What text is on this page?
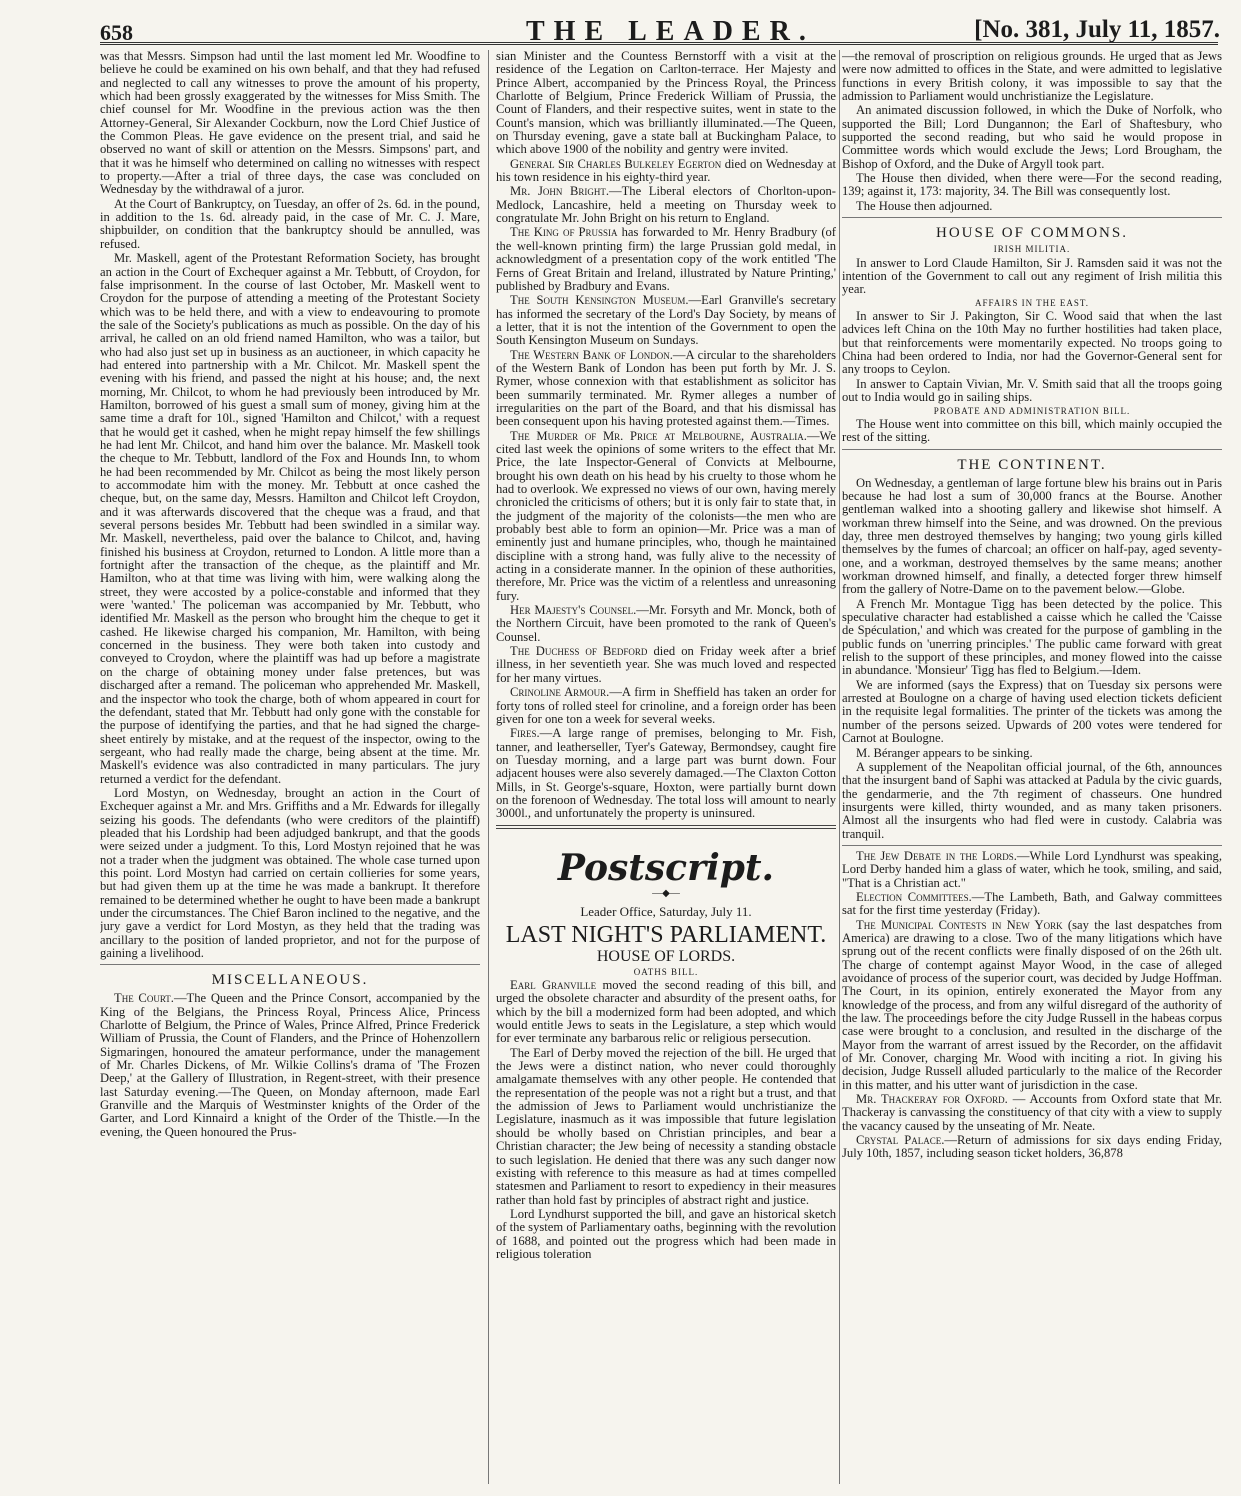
658	THE LEADER.	[No. 381, July 11, 1857.

was that Messrs. Simpson had until the last moment led Mr. Woodfine to believe he could be examined on his own behalf, and that they had refused and neglected to call any witnesses to prove the amount of his property, which had been grossly exaggerated by the witnesses for Miss Smith. The chief counsel for Mr. Woodfine in the previous action was the then Attorney-General, Sir Alexander Cockburn, now the Lord Chief Justice of the Common Pleas. He gave evidence on the present trial, and said he observed no want of skill or attention on the Messrs. Simpsons' part, and that it was he himself who determined on calling no witnesses with respect to property.—After a trial of three days, the case was concluded on Wednesday by the withdrawal of a juror.

At the Court of Bankruptcy, on Tuesday, an offer of 2s. 6d. in the pound, in addition to the 1s. 6d. already paid, in the case of Mr. C. J. Mare, shipbuilder, on condition that the bankruptcy should be annulled, was refused.

Mr. Maskell, agent of the Protestant Reformation Society, has brought an action in the Court of Exchequer against a Mr. Tebbutt, of Croydon, for false imprisonment. In the course of last October, Mr. Maskell went to Croydon for the purpose of attending a meeting of the Protestant Society which was to be held there, and with a view to endeavouring to promote the sale of the Society's publications as much as possible. On the day of his arrival, he called on an old friend named Hamilton, who was a tailor, but who had also just set up in business as an auctioneer, in which capacity he had entered into partnership with a Mr. Chilcot. Mr. Maskell spent the evening with his friend, and passed the night at his house; and, the next morning, Mr. Chilcot, to whom he had previously been introduced by Mr. Hamilton, borrowed of his guest a small sum of money, giving him at the same time a draft for 10l., signed 'Hamilton and Chilcot,' with a request that he would get it cashed, when he might repay himself the few shillings he had lent Mr. Chilcot, and hand him over the balance. Mr. Maskell took the cheque to Mr. Tebbutt, landlord of the Fox and Hounds Inn, to whom he had been recommended by Mr. Chilcot as being the most likely person to accommodate him with the money. Mr. Tebbutt at once cashed the cheque, but, on the same day, Messrs. Hamilton and Chilcot left Croydon, and it was afterwards discovered that the cheque was a fraud, and that several persons besides Mr. Tebbutt had been swindled in a similar way. Mr. Maskell, nevertheless, paid over the balance to Chilcot, and, having finished his business at Croydon, returned to London. A little more than a fortnight after the transaction of the cheque, as the plaintiff and Mr. Hamilton, who at that time was living with him, were walking along the street, they were accosted by a police-constable and informed that they were 'wanted.' The policeman was accompanied by Mr. Tebbutt, who identified Mr. Maskell as the person who brought him the cheque to get it cashed. He likewise charged his companion, Mr. Hamilton, with being concerned in the business. They were both taken into custody and conveyed to Croydon, where the plaintiff was had up before a magistrate on the charge of obtaining money under false pretences, but was discharged after a remand. The policeman who apprehended Mr. Maskell, and the inspector who took the charge, both of whom appeared in court for the defendant, stated that Mr. Tebbutt had only gone with the constable for the purpose of identifying the parties, and that he had signed the charge-sheet entirely by mistake, and at the request of the inspector, owing to the sergeant, who had really made the charge, being absent at the time. Mr. Maskell's evidence was also contradicted in many particulars. The jury returned a verdict for the defendant.

Lord Mostyn, on Wednesday, brought an action in the Court of Exchequer against a Mr. and Mrs. Griffiths and a Mr. Edwards for illegally seizing his goods. The defendants (who were creditors of the plaintiff) pleaded that his Lordship had been adjudged bankrupt, and that the goods were seized under a judgment. To this, Lord Mostyn rejoined that he was not a trader when the judgment was obtained. The whole case turned upon this point. Lord Mostyn had carried on certain collieries for some years, but had given them up at the time he was made a bankrupt. It therefore remained to be determined whether he ought to have been made a bankrupt under the circumstances. The Chief Baron inclined to the negative, and the jury gave a verdict for Lord Mostyn, as they held that the trading was ancillary to the position of landed proprietor, and not for the purpose of gaining a livelihood.

MISCELLANEOUS.

The Court.—The Queen and the Prince Consort, accompanied by the King of the Belgians, the Princess Royal, Princess Alice, Princess Charlotte of Belgium, the Prince of Wales, Prince Alfred, Prince Frederick William of Prussia, the Count of Flanders, and the Prince of Hohenzollern Sigmaringen, honoured the amateur performance, under the management of Mr. Charles Dickens, of Mr. Wilkie Collins's drama of 'The Frozen Deep,' at the Gallery of Illustration, in Regent-street, with their presence last Saturday evening.—The Queen, on Monday afternoon, made Earl Granville and the Marquis of Westminster knights of the Order of the Garter, and Lord Kinnaird a knight of the Order of the Thistle.—In the evening, the Queen honoured the Prus-

sian Minister and the Countess Bernstorff with a visit at the residence of the Legation on Carlton-terrace. Her Majesty and Prince Albert, accompanied by the Princess Royal, the Princess Charlotte of Belgium, Prince Frederick William of Prussia, the Count of Flanders, and their respective suites, went in state to the Count's mansion, which was brilliantly illuminated.—The Queen, on Thursday evening, gave a state ball at Buckingham Palace, to which above 1900 of the nobility and gentry were invited.

General Sir Charles Bulkeley Egerton died on Wednesday at his town residence in his eighty-third year.

Mr. John Bright.—The Liberal electors of Chorlton-upon-Medlock, Lancashire, held a meeting on Thursday week to congratulate Mr. John Bright on his return to England.

The King of Prussia has forwarded to Mr. Henry Bradbury (of the well-known printing firm) the large Prussian gold medal, in acknowledgment of a presentation copy of the work entitled 'The Ferns of Great Britain and Ireland, illustrated by Nature Printing,' published by Bradbury and Evans.

The South Kensington Museum.—Earl Granville's secretary has informed the secretary of the Lord's Day Society, by means of a letter, that it is not the intention of the Government to open the South Kensington Museum on Sundays.

The Western Bank of London.—A circular to the shareholders of the Western Bank of London has been put forth by Mr. J. S. Rymer, whose connexion with that establishment as solicitor has been summarily terminated. Mr. Rymer alleges a number of irregularities on the part of the Board, and that his dismissal has been consequent upon his having protested against them.—Times.

The Murder of Mr. Price at Melbourne, Australia.—We cited last week the opinions of some writers to the effect that Mr. Price, the late Inspector-General of Convicts at Melbourne, brought his own death on his head by his cruelty to those whom he had to overlook. We expressed no views of our own, having merely chronicled the criticisms of others; but it is only fair to state that, in the judgment of the majority of the colonists—the men who are probably best able to form an opinion—Mr. Price was a man of eminently just and humane principles, who, though he maintained discipline with a strong hand, was fully alive to the necessity of acting in a considerate manner. In the opinion of these authorities, therefore, Mr. Price was the victim of a relentless and unreasoning fury.

Her Majesty's Counsel.—Mr. Forsyth and Mr. Monck, both of the Northern Circuit, have been promoted to the rank of Queen's Counsel.

The Duchess of Bedford died on Friday week after a brief illness, in her seventieth year. She was much loved and respected for her many virtues.

Crinoline Armour.—A firm in Sheffield has taken an order for forty tons of rolled steel for crinoline, and a foreign order has been given for one ton a week for several weeks.

Fires.—A large range of premises, belonging to Mr. Fish, tanner, and leatherseller, Tyer's Gateway, Bermondsey, caught fire on Tuesday morning, and a large part was burnt down. Four adjacent houses were also severely damaged.—The Claxton Cotton Mills, in St. George's-square, Hoxton, were partially burnt down on the forenoon of Wednesday. The total loss will amount to nearly 3000l., and unfortunately the property is uninsured.

Postscript.
—◆—
Leader Office, Saturday, July 11.
LAST NIGHT'S PARLIAMENT.
HOUSE OF LORDS.
OATHS BILL.

Earl Granville moved the second reading of this bill, and urged the obsolete character and absurdity of the present oaths, for which by the bill a modernized form had been adopted, and which would entitle Jews to seats in the Legislature, a step which would for ever terminate any barbarous relic or religious persecution.

The Earl of Derby moved the rejection of the bill. He urged that the Jews were a distinct nation, who never could thoroughly amalgamate themselves with any other people. He contended that the representation of the people was not a right but a trust, and that the admission of Jews to Parliament would unchristianize the Legislature, inasmuch as it was impossible that future legislation should be wholly based on Christian principles, and bear a Christian character; the Jew being of necessity a standing obstacle to such legislation. He denied that there was any such danger now existing with reference to this measure as had at times compelled statesmen and Parliament to resort to expediency in their measures rather than hold fast by principles of abstract right and justice.

Lord Lyndhurst supported the bill, and gave an historical sketch of the system of Parliamentary oaths, beginning with the revolution of 1688, and pointed out the progress which had been made in religious toleration

—the removal of proscription on religious grounds. He urged that as Jews were now admitted to offices in the State, and were admitted to legislative functions in every British colony, it was impossible to say that the admission to Parliament would unchristianize the Legislature.

An animated discussion followed, in which the Duke of Norfolk, who supported the Bill; Lord Dungannon; the Earl of Shaftesbury, who supported the second reading, but who said he would propose in Committee words which would exclude the Jews; Lord Brougham, the Bishop of Oxford, and the Duke of Argyll took part.

The House then divided, when there were—For the second reading, 139; against it, 173: majority, 34. The Bill was consequently lost.

The House then adjourned.

HOUSE OF COMMONS.
IRISH MILITIA.

In answer to Lord Claude Hamilton, Sir J. Ramsden said it was not the intention of the Government to call out any regiment of Irish militia this year.

AFFAIRS IN THE EAST.

In answer to Sir J. Pakington, Sir C. Wood said that when the last advices left China on the 10th May no further hostilities had taken place, but that reinforcements were momentarily expected. No troops going to China had been ordered to India, nor had the Governor-General sent for any troops to Ceylon.

In answer to Captain Vivian, Mr. V. Smith said that all the troops going out to India would go in sailing ships.

PROBATE AND ADMINISTRATION BILL.

The House went into committee on this bill, which mainly occupied the rest of the sitting.

THE CONTINENT.

On Wednesday, a gentleman of large fortune blew his brains out in Paris because he had lost a sum of 30,000 francs at the Bourse. Another gentleman walked into a shooting gallery and likewise shot himself. A workman threw himself into the Seine, and was drowned. On the previous day, three men destroyed themselves by hanging; two young girls killed themselves by the fumes of charcoal; an officer on half-pay, aged seventy-one, and a workman, destroyed themselves by the same means; another workman drowned himself, and finally, a detected forger threw himself from the gallery of Notre-Dame on to the pavement below.—Globe.

A French Mr. Montague Tigg has been detected by the police. This speculative character had established a caisse which he called the 'Caisse de Spéculation,' and which was created for the purpose of gambling in the public funds on 'unerring principles.' The public came forward with great relish to the support of these principles, and money flowed into the caisse in abundance. 'Monsieur' Tigg has fled to Belgium.—Idem.

We are informed (says the Express) that on Tuesday six persons were arrested at Boulogne on a charge of having used election tickets deficient in the requisite legal formalities. The printer of the tickets was among the number of the persons seized. Upwards of 200 votes were tendered for Carnot at Boulogne.

M. Béranger appears to be sinking.

A supplement of the Neapolitan official journal, of the 6th, announces that the insurgent band of Saphi was attacked at Padula by the civic guards, the gendarmerie, and the 7th regiment of chasseurs. One hundred insurgents were killed, thirty wounded, and as many taken prisoners. Almost all the insurgents who had fled were in custody. Calabria was tranquil.

The Jew Debate in the Lords.—While Lord Lyndhurst was speaking, Lord Derby handed him a glass of water, which he took, smiling, and said, "That is a Christian act."

Election Committees.—The Lambeth, Bath, and Galway committees sat for the first time yesterday (Friday).

The Municipal Contests in New York (say the last despatches from America) are drawing to a close. Two of the many litigations which have sprung out of the recent conflicts were finally disposed of on the 26th ult. The charge of contempt against Mayor Wood, in the case of alleged avoidance of process of the superior court, was decided by Judge Hoffman. The Court, in its opinion, entirely exonerated the Mayor from any knowledge of the process, and from any wilful disregard of the authority of the law. The proceedings before the city Judge Russell in the habeas corpus case were brought to a conclusion, and resulted in the discharge of the Mayor from the warrant of arrest issued by the Recorder, on the affidavit of Mr. Conover, charging Mr. Wood with inciting a riot. In giving his decision, Judge Russell alluded particularly to the malice of the Recorder in this matter, and his utter want of jurisdiction in the case.

Mr. Thackeray for Oxford. — Accounts from Oxford state that Mr. Thackeray is canvassing the constituency of that city with a view to supply the vacancy caused by the unseating of Mr. Neate.

Crystal Palace.—Return of admissions for six days ending Friday, July 10th, 1857, including season ticket holders, 36,878
